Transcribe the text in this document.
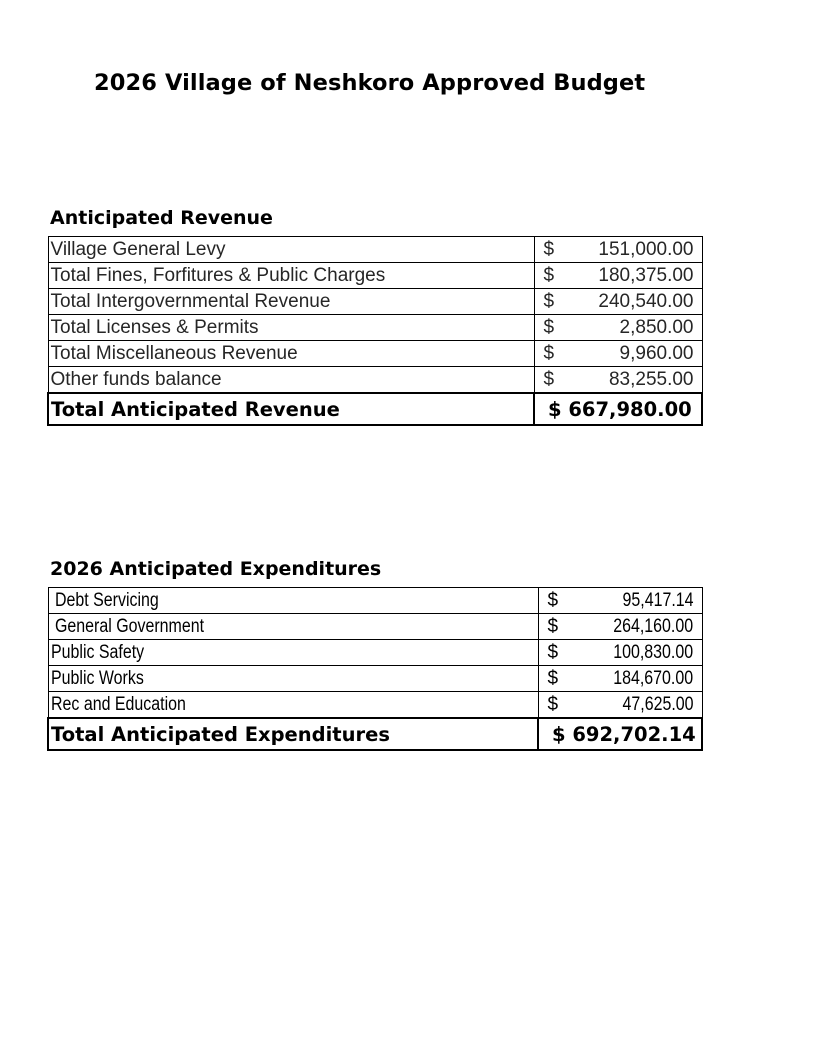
2026 Village of Neshkoro Approved Budget
Anticipated Revenue
Village General Levy	$	151,000.00
Total Fines, Forfitures & Public Charges	$	180,375.00
Total Intergovernmental Revenue	$	240,540.00
Total Licenses & Permits	$	2,850.00
Total Miscellaneous Revenue	$	9,960.00
Other funds balance	$	83,255.00
Total Anticipated Revenue	$ 667,980.00	
2026 Anticipated Expenditures
Debt Servicing	$	95,417.14
General Government	$	264,160.00
Public Safety	$	100,830.00
Public Works	$	184,670.00
Rec and Education	$	47,625.00
Total Anticipated Expenditures	$ 692,702.14	
